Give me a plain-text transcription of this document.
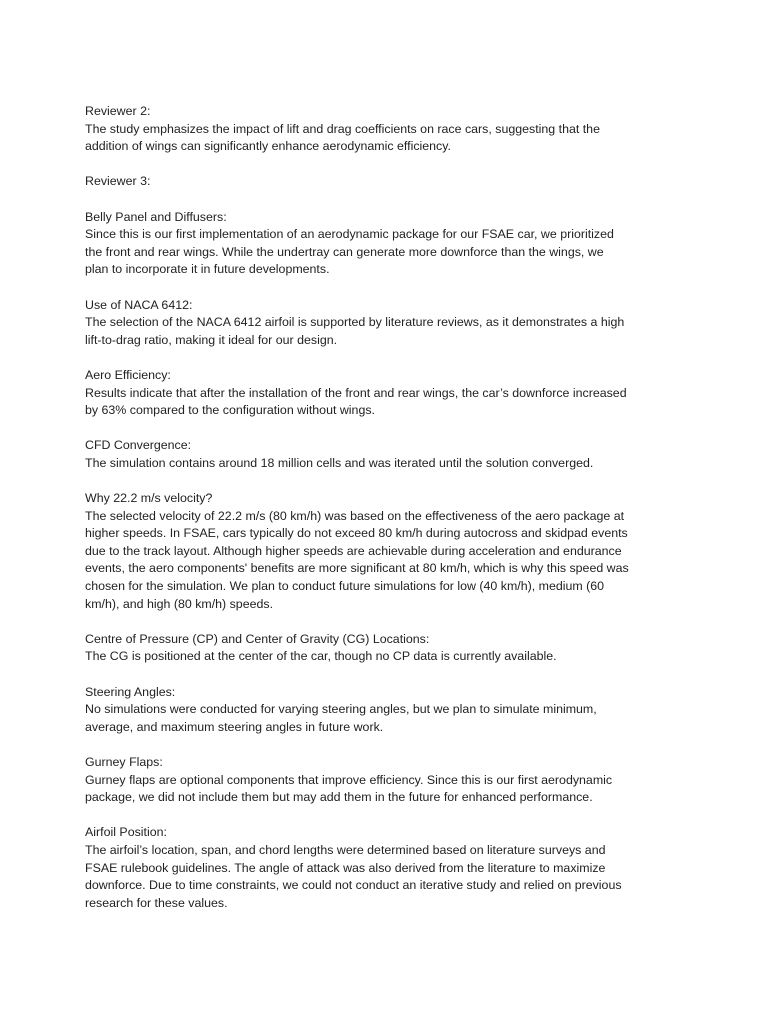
Reviewer 2:
The study emphasizes the impact of lift and drag coefficients on race cars, suggesting that the addition of wings can significantly enhance aerodynamic efficiency.
Reviewer 3:
Belly Panel and Diffusers:
Since this is our first implementation of an aerodynamic package for our FSAE car, we prioritized the front and rear wings. While the undertray can generate more downforce than the wings, we plan to incorporate it in future developments.
Use of NACA 6412:
The selection of the NACA 6412 airfoil is supported by literature reviews, as it demonstrates a high lift-to-drag ratio, making it ideal for our design.
Aero Efficiency:
Results indicate that after the installation of the front and rear wings, the car’s downforce increased by 63% compared to the configuration without wings.
CFD Convergence:
The simulation contains around 18 million cells and was iterated until the solution converged.
Why 22.2 m/s velocity?
The selected velocity of 22.2 m/s (80 km/h) was based on the effectiveness of the aero package at higher speeds. In FSAE, cars typically do not exceed 80 km/h during autocross and skidpad events due to the track layout. Although higher speeds are achievable during acceleration and endurance events, the aero components' benefits are more significant at 80 km/h, which is why this speed was chosen for the simulation. We plan to conduct future simulations for low (40 km/h), medium (60 km/h), and high (80 km/h) speeds.
Centre of Pressure (CP) and Center of Gravity (CG) Locations:
The CG is positioned at the center of the car, though no CP data is currently available.
Steering Angles:
No simulations were conducted for varying steering angles, but we plan to simulate minimum, average, and maximum steering angles in future work.
Gurney Flaps:
Gurney flaps are optional components that improve efficiency. Since this is our first aerodynamic package, we did not include them but may add them in the future for enhanced performance.
Airfoil Position:
The airfoil’s location, span, and chord lengths were determined based on literature surveys and FSAE rulebook guidelines. The angle of attack was also derived from the literature to maximize downforce. Due to time constraints, we could not conduct an iterative study and relied on previous research for these values.
